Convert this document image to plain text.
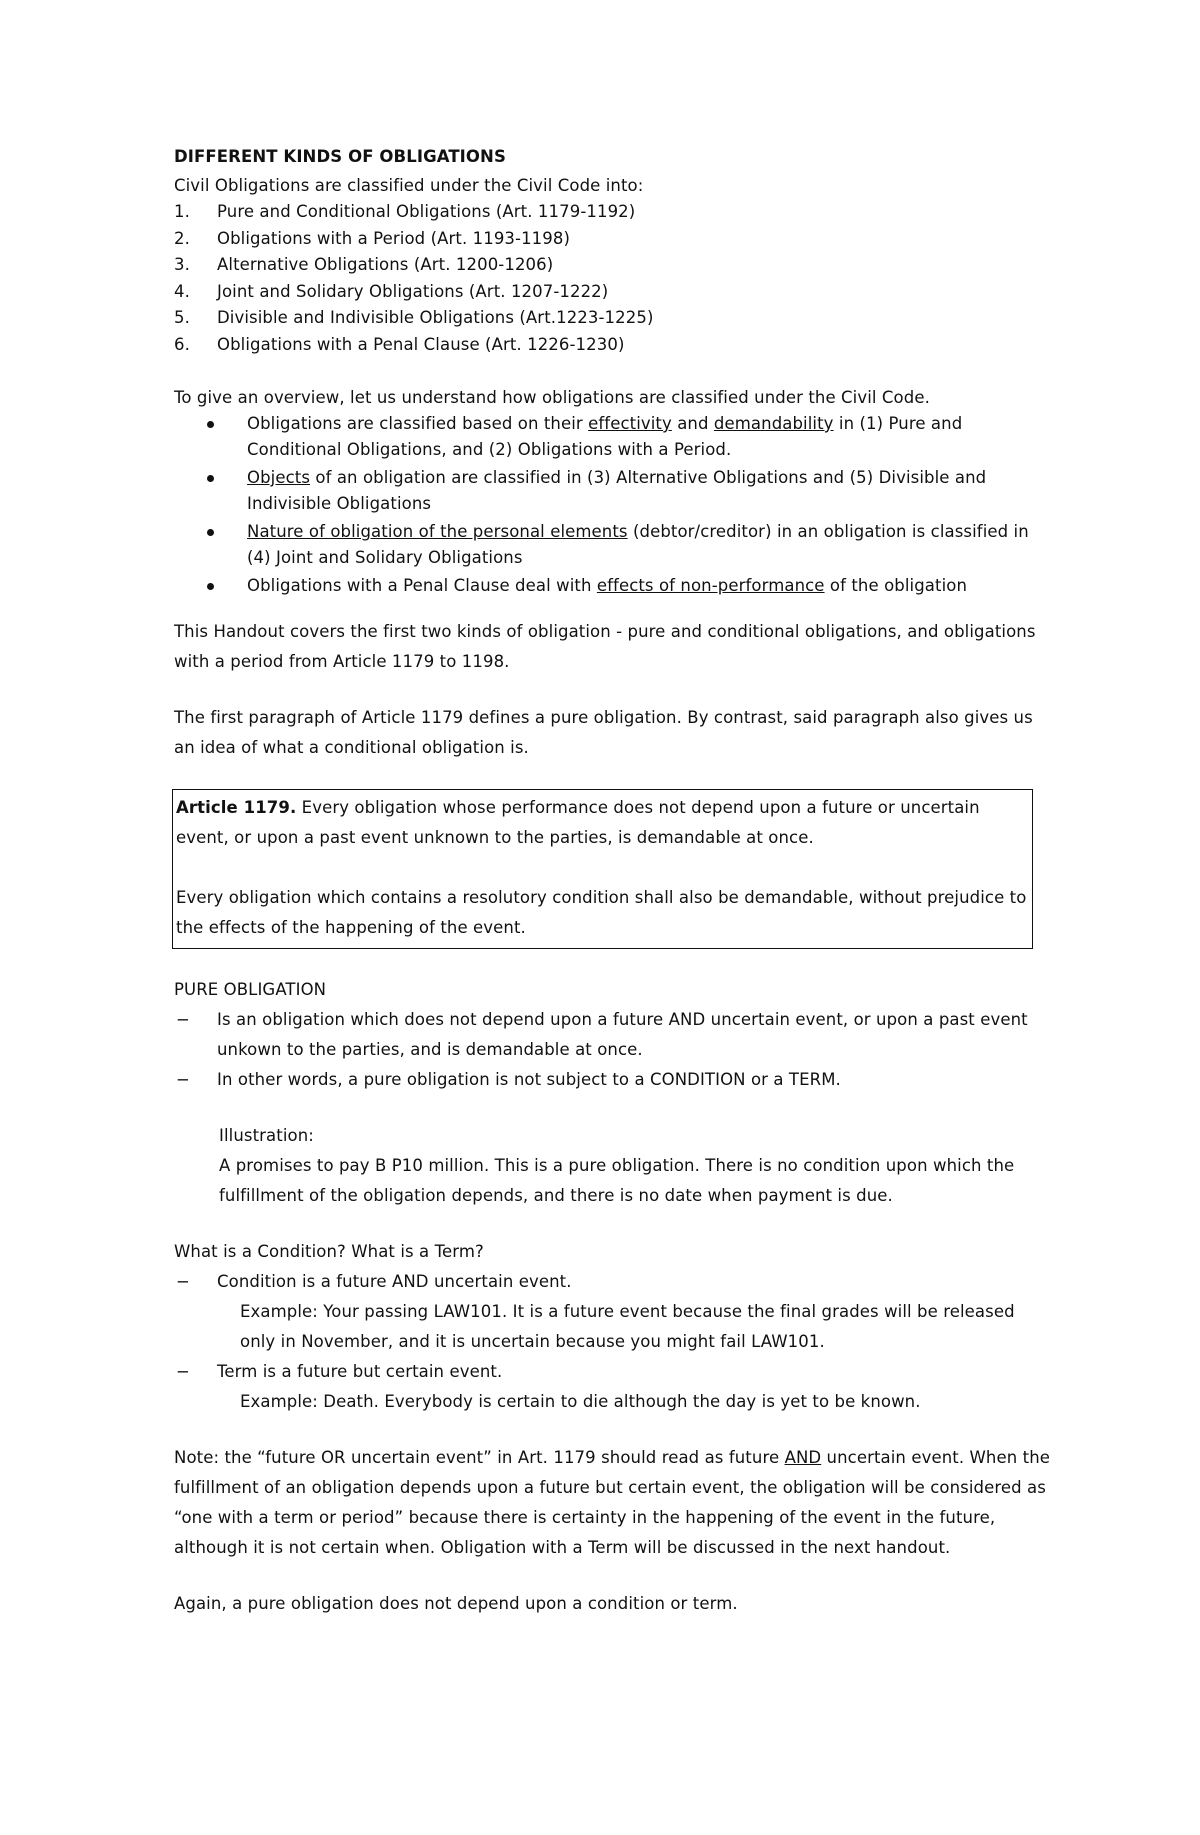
DIFFERENT KINDS OF OBLIGATIONS

Civil Obligations are classified under the Civil Code into:

1. Pure and Conditional Obligations (Art. 1179-1192)
2. Obligations with a Period (Art. 1193-1198)
3. Alternative Obligations (Art. 1200-1206)
4. Joint and Solidary Obligations (Art. 1207-1222)
5. Divisible and Indivisible Obligations (Art.1223-1225)
6. Obligations with a Penal Clause (Art. 1226-1230)

To give an overview, let us understand how obligations are classified under the Civil Code.

Obligations are classified based on their effectivity and demandability in (1) Pure and Conditional Obligations, and (2) Obligations with a Period.
Objects of an obligation are classified in (3) Alternative Obligations and (5) Divisible and Indivisible Obligations
Nature of obligation of the personal elements (debtor/creditor) in an obligation is classified in (4) Joint and Solidary Obligations
Obligations with a Penal Clause deal with effects of non-performance of the obligation

This Handout covers the first two kinds of obligation - pure and conditional obligations, and obligations with a period from Article 1179 to 1198.

The first paragraph of Article 1179 defines a pure obligation. By contrast, said paragraph also gives us an idea of what a conditional obligation is.

Article 1179. Every obligation whose performance does not depend upon a future or uncertain event, or upon a past event unknown to the parties, is demandable at once.

Every obligation which contains a resolutory condition shall also be demandable, without prejudice to the effects of the happening of the event.

PURE OBLIGATION

− Is an obligation which does not depend upon a future AND uncertain event, or upon a past event unkown to the parties, and is demandable at once.
− In other words, a pure obligation is not subject to a CONDITION or a TERM.

Illustration:

A promises to pay B P10 million. This is a pure obligation. There is no condition upon which the fulfillment of the obligation depends, and there is no date when payment is due.

What is a Condition? What is a Term?

− Condition is a future AND uncertain event.

Example: Your passing LAW101. It is a future event because the final grades will be released only in November, and it is uncertain because you might fail LAW101.

− Term is a future but certain event.

Example: Death. Everybody is certain to die although the day is yet to be known.

Note: the “future OR uncertain event” in Art. 1179 should read as future AND uncertain event. When the fulfillment of an obligation depends upon a future but certain event, the obligation will be considered as “one with a term or period” because there is certainty in the happening of the event in the future, although it is not certain when. Obligation with a Term will be discussed in the next handout.

Again, a pure obligation does not depend upon a condition or term.
